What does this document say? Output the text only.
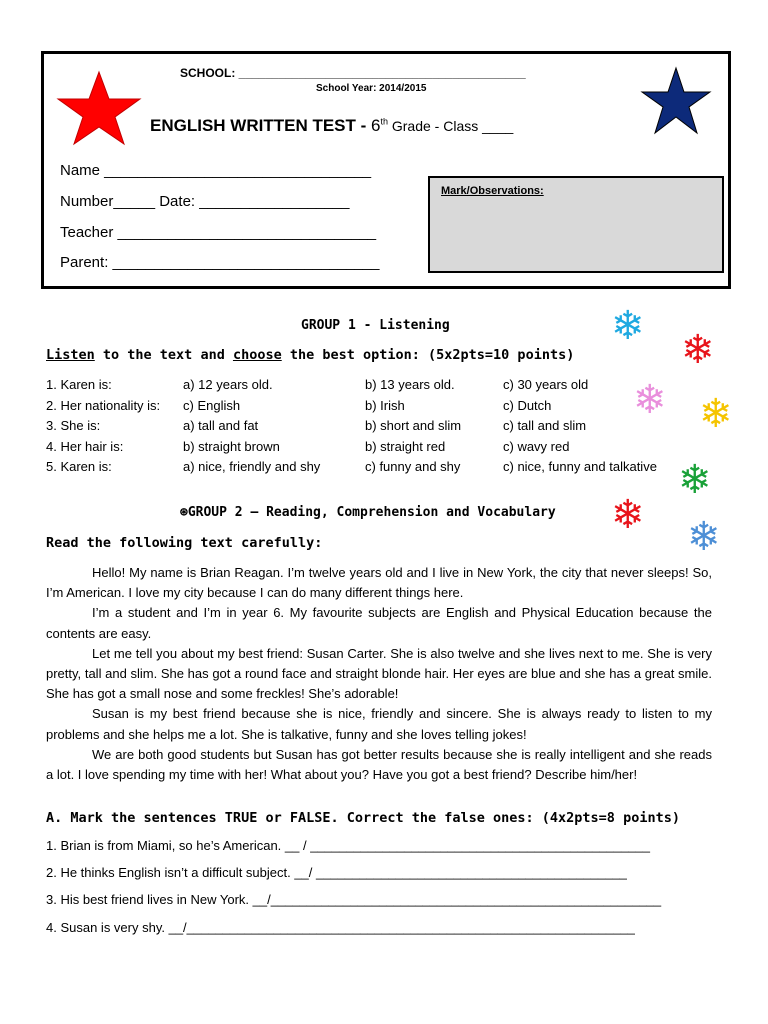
SCHOOL: ___________________________________________
School Year: 2014/2015
ENGLISH WRITTEN TEST - 6th Grade - Class ____
Name ________________________________
Number_____ Date: __________________
Teacher _______________________________
Parent: ________________________________
Mark/Observations:
❄
❄
❄ ❄
❄
❄ ❄
GROUP 1 - Listening
Listen to the text and choose the best option: (5x2pts=10 points)
1. Karen is:	a) 12 years old.	b) 13 years old.	c) 30 years old
2. Her nationality is: c) English	b) Irish	c) Dutch
3. She is:	a) tall and fat	b) short and slim	c) tall and slim
4. Her hair is:	b) straight brown	b) straight red	c) wavy red
5. Karen is:	a) nice, friendly and shy	c) funny and shy	c) nice, funny and talkative
⊛GROUP 2 – Reading, Comprehension and Vocabulary
Read the following text carefully:

Hello! My name is Brian Reagan. I’m twelve years old and I live in New York, the city that never sleeps! So, I’m American. I love my city because I can do many different things here.

I’m a student and I’m in year 6. My favourite subjects are English and Physical Education because the contents are easy.

Let me tell you about my best friend: Susan Carter. She is also twelve and she lives next to me. She is very pretty, tall and slim. She has got a round face and straight blonde hair. Her eyes are blue and she has a great smile. She has got a small nose and some freckles! She’s adorable!

Susan is my best friend because she is nice, friendly and sincere. She is always ready to listen to my problems and she helps me a lot. She is talkative, funny and she loves telling jokes!

We are both good students but Susan has got better results because she is really intelligent and she reads a lot. I love spending my time with her! What about you? Have you got a best friend? Describe him/her!

A. Mark the sentences TRUE or FALSE. Correct the false ones: (4x2pts=8 points)
1. Brian is from Miami, so he’s American. __ / _______________________________________________
2. He thinks English isn’t a difficult subject. __/ ___________________________________________
3. His best friend lives in New York. __/______________________________________________________
4. Susan is very shy. __/______________________________________________________________
